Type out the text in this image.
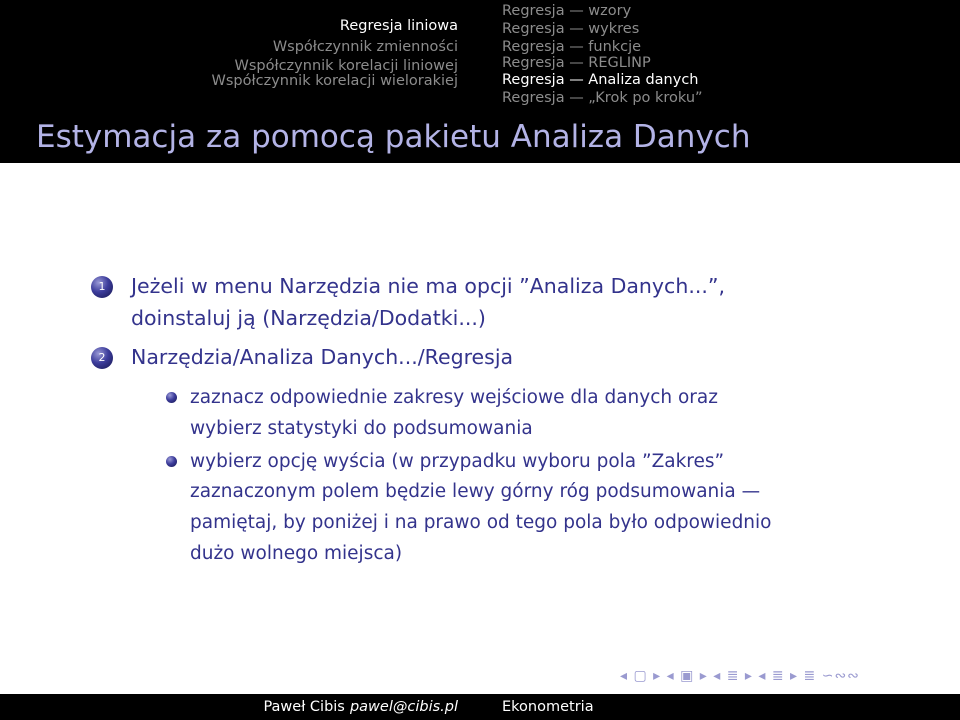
Regresja liniowa
Współczynnik zmienności
Współczynnik korelacji liniowej
Współczynnik korelacji wielorakiej
Regresja — wzory
Regresja — wykres
Regresja — funkcje
Regresja — REGLINP
Regresja — Analiza danych
Regresja — „Krok po kroku”
Estymacja za pomocą pakietu Analiza Danych
1	Jeżeli w menu Narzędzia nie ma opcji ”Analiza Danych...”,
doinstaluj ją (Narzędzia/Dodatki...)
2	Narzędzia/Analiza Danych.../Regresja
zaznacz odpowiednie zakresy wejściowe dla danych oraz
wybierz statystyki do podsumowania
wybierz opcję wyścia (w przypadku wyboru pola ”Zakres”
zaznaczonym polem będzie lewy górny róg podsumowania —
pamiętaj, by poniżej i na prawo od tego pola było odpowiednio
dużo wolnego miejsca)
◂ ▢ ▸ ◂ ▣ ▸ ◂ ≣ ▸ ◂ ≣ ▸ ≣ ∽∾∾
Paweł Cibis pawel@cibis.pl	Ekonometria
